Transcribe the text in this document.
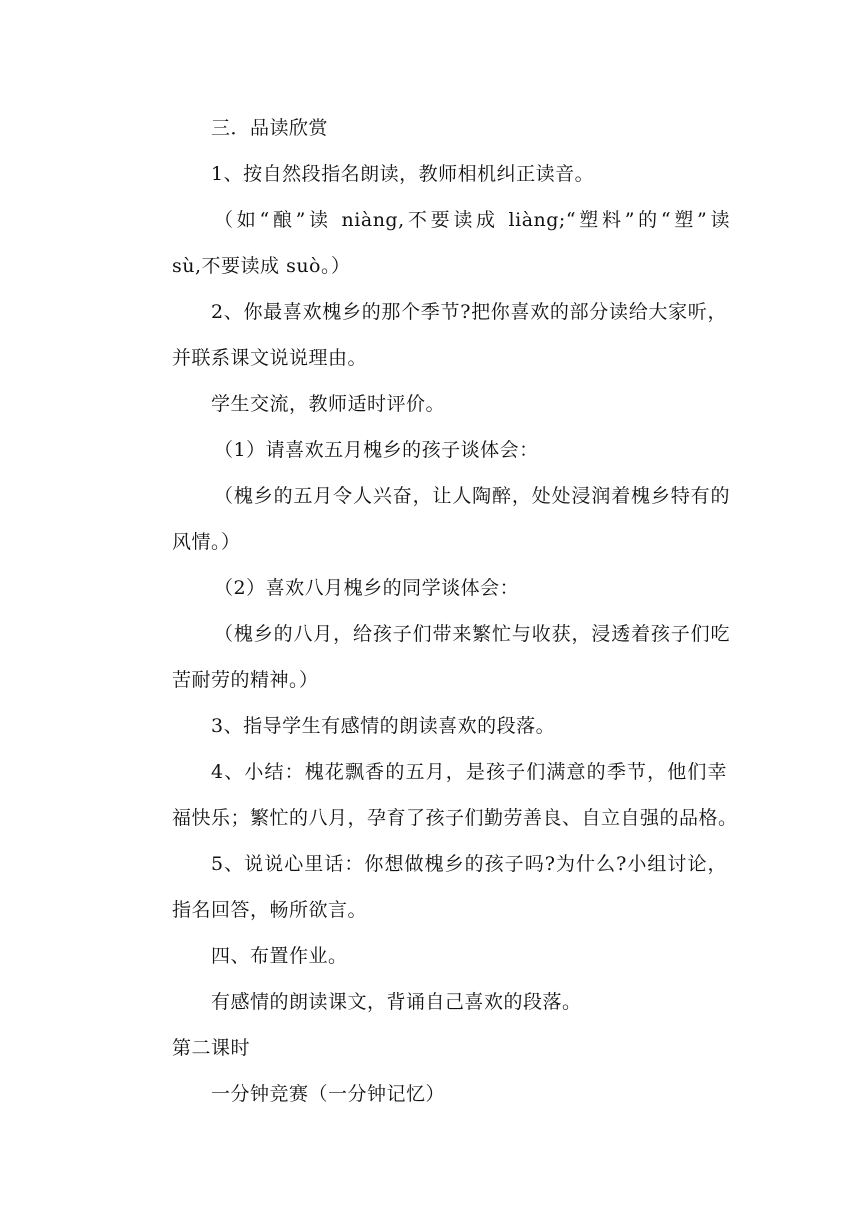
三．品读欣赏

1、按自然段指名朗读，教师相机纠正读音。

（如“酿”读 niàng,不要读成 liàng;“塑料”的“塑”读

sù,不要读成 suò。）

2、你最喜欢槐乡的那个季节?把你喜欢的部分读给大家听，

并联系课文说说理由。

学生交流，教师适时评价。

（1）请喜欢五月槐乡的孩子谈体会：

（槐乡的五月令人兴奋，让人陶醉，处处浸润着槐乡特有的

风情。）

（2）喜欢八月槐乡的同学谈体会：

（槐乡的八月，给孩子们带来繁忙与收获，浸透着孩子们吃

苦耐劳的精神。）

3、指导学生有感情的朗读喜欢的段落。

4、小结：槐花飘香的五月，是孩子们满意的季节，他们幸

福快乐；繁忙的八月，孕育了孩子们勤劳善良、自立自强的品格。

5、说说心里话：你想做槐乡的孩子吗?为什么?小组讨论，

指名回答，畅所欲言。

四、布置作业。

有感情的朗读课文，背诵自己喜欢的段落。

第二课时

一分钟竞赛（一分钟记忆）
